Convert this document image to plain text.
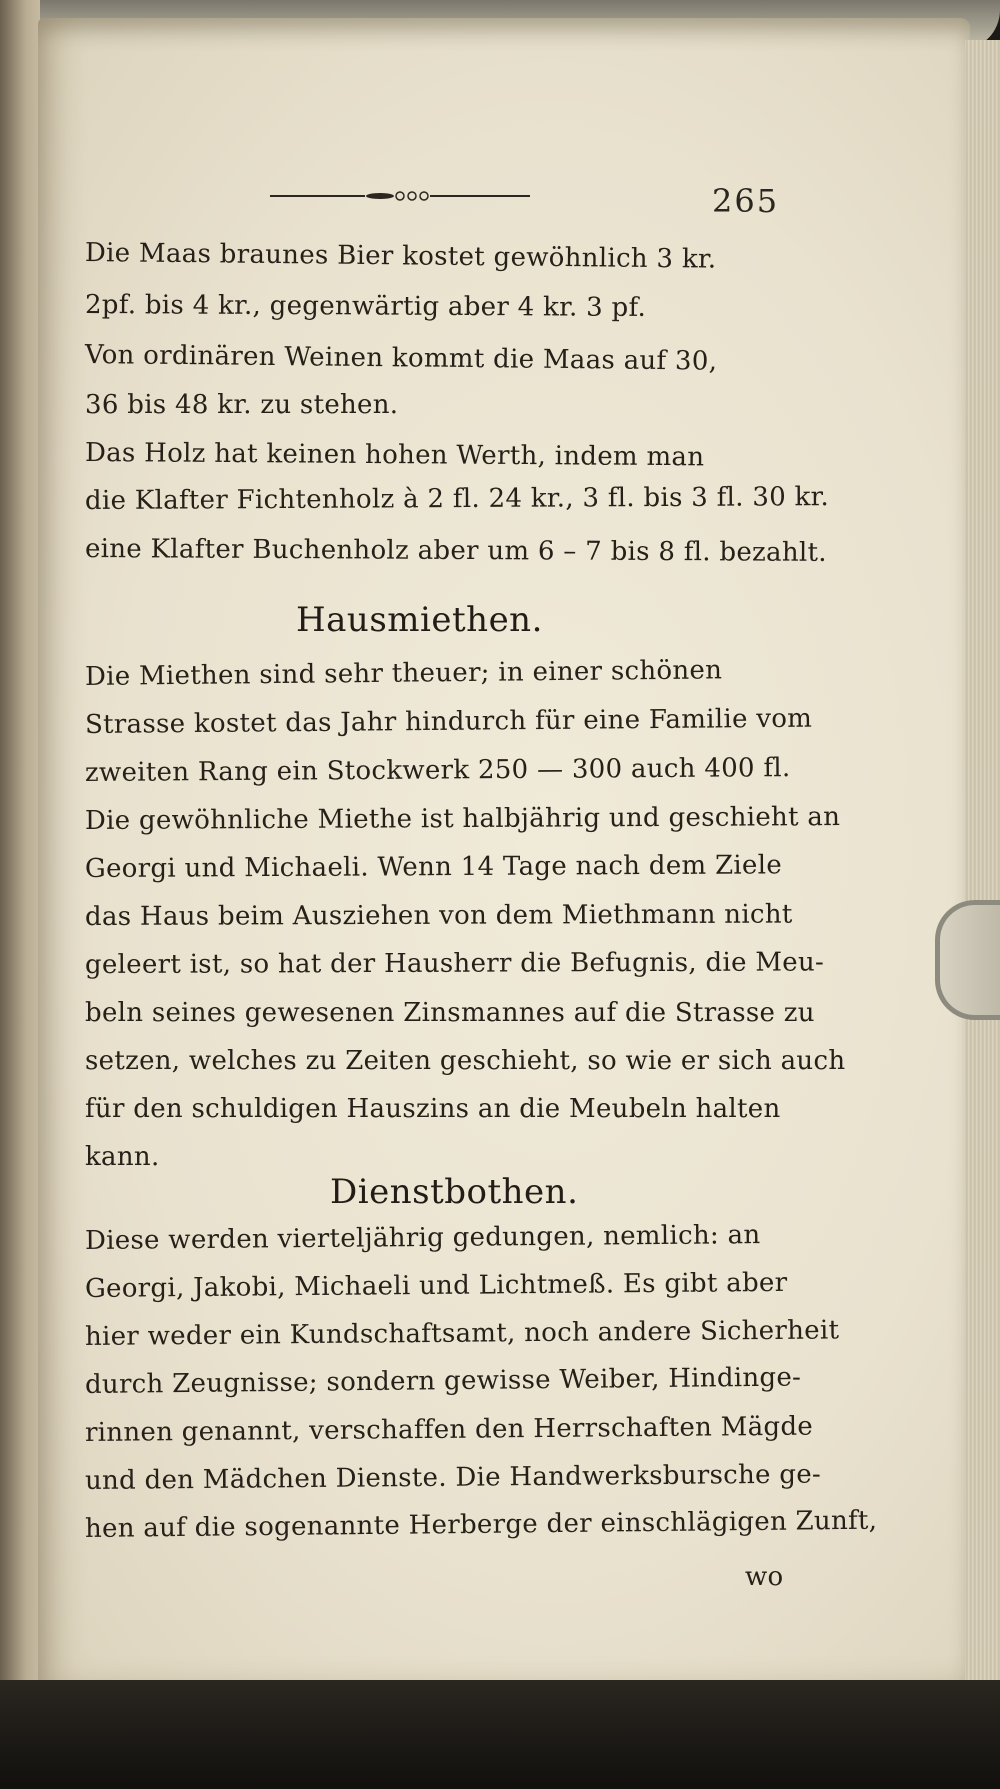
265
Die Maas braunes Bier kostet gewöhnlich 3 kr.
2pf. bis 4 kr., gegenwärtig aber 4 kr. 3 pf.
Von ordinären Weinen kommt die Maas auf 30,
36 bis 48 kr. zu stehen.
Das Holz hat keinen hohen Werth, indem man
die Klafter Fichtenholz à 2 fl. 24 kr., 3 fl. bis 3 fl. 30 kr.
eine Klafter Buchenholz aber um 6 – 7 bis 8 fl. bezahlt.
Hausmiethen.
Die Miethen sind sehr theuer; in einer schönen
Strasse kostet das Jahr hindurch für eine Familie vom
zweiten Rang ein Stockwerk 250 — 300 auch 400 fl.
Die gewöhnliche Miethe ist halbjährig und geschieht an
Georgi und Michaeli. Wenn 14 Tage nach dem Ziele
das Haus beim Ausziehen von dem Miethmann nicht
geleert ist, so hat der Hausherr die Befugnis, die Meu-
beln seines gewesenen Zinsmannes auf die Strasse zu
setzen, welches zu Zeiten geschieht, so wie er sich auch
für den schuldigen Hauszins an die Meubeln halten
kann.
Dienstbothen.
Diese werden vierteljährig gedungen, nemlich: an
Georgi, Jakobi, Michaeli und Lichtmeß. Es gibt aber
hier weder ein Kundschaftsamt, noch andere Sicherheit
durch Zeugnisse; sondern gewisse Weiber, Hindinge-
rinnen genannt, verschaffen den Herrschaften Mägde
und den Mädchen Dienste. Die Handwerksbursche ge-
hen auf die sogenannte Herberge der einschlägigen Zunft,
wo
